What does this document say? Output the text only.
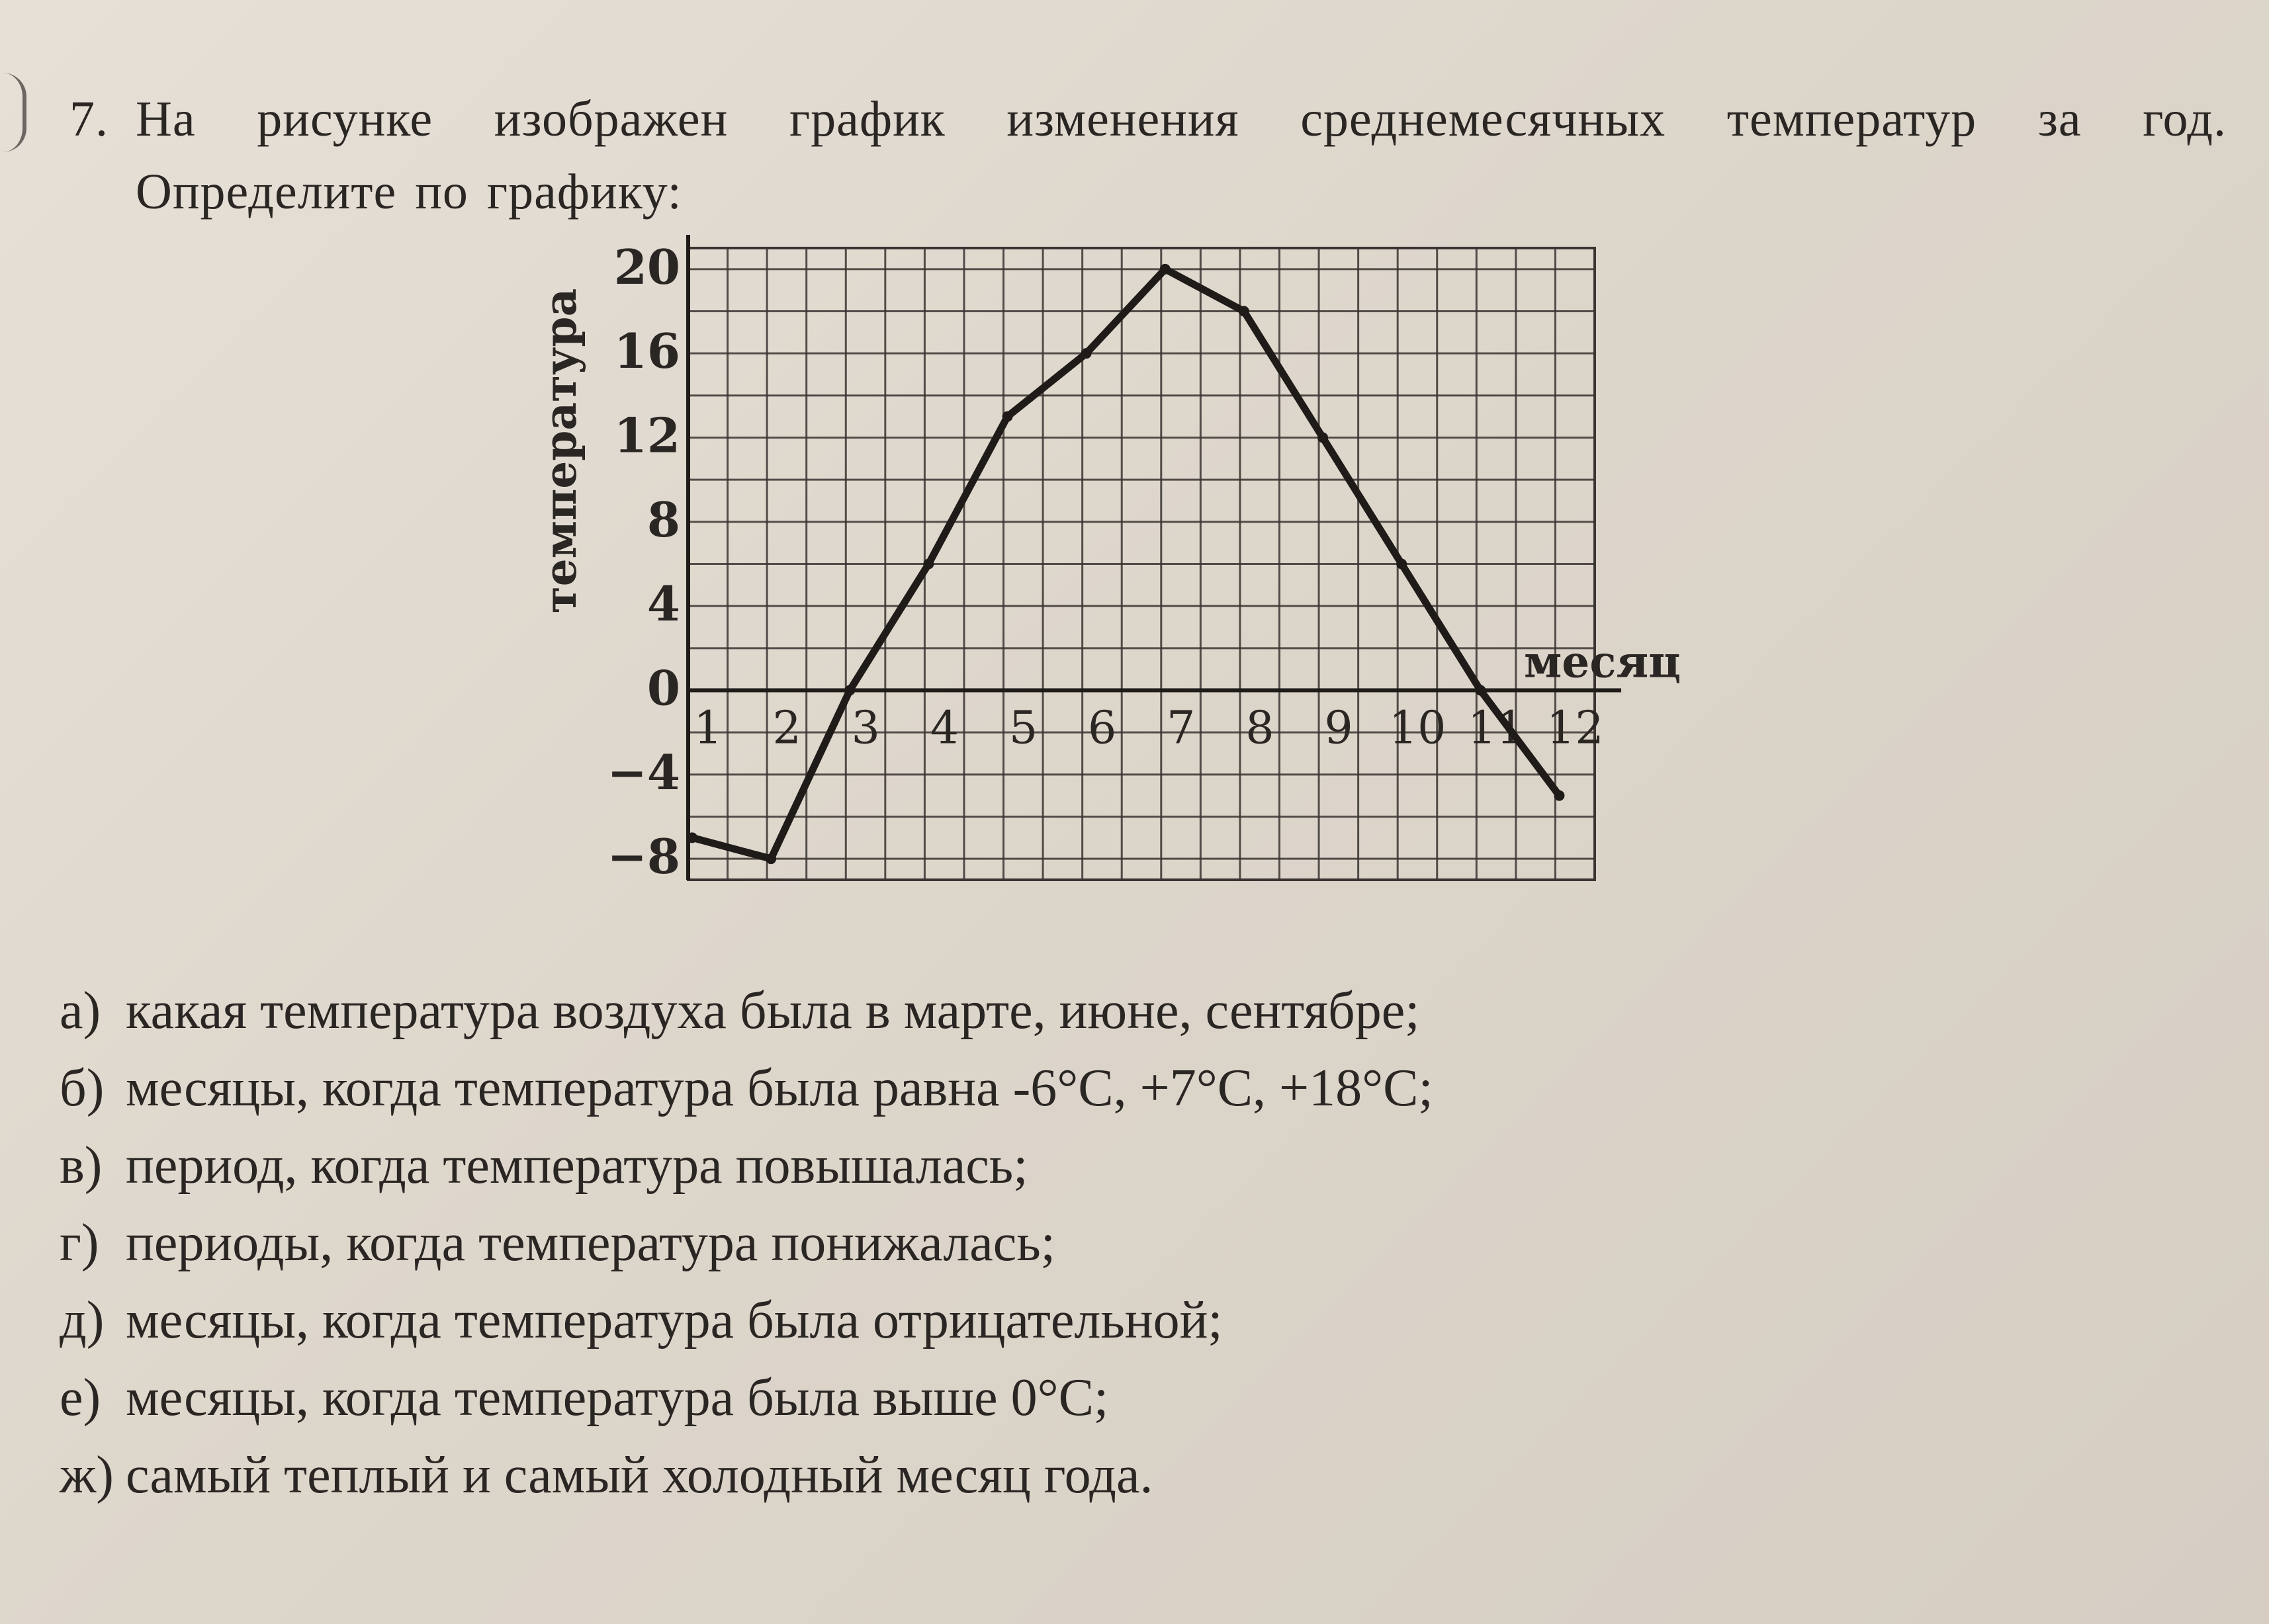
7. На рисунке изображен график изменения среднемесячных температур за год.
Определите по графику:
20
16
12
8
4
0
−4
−8
1 2 3 4 5 6 7 8 9 10 11 12
температура
месяц
а) какая температура воздуха была в марте, июне, сентябре;
б) месяцы, когда температура была равна -6°С, +7°С, +18°С;
в) период, когда температура повышалась;
г) периоды, когда температура понижалась;
д) месяцы, когда температура была отрицательной;
е) месяцы, когда температура была выше 0°С;
ж) самый теплый и самый холодный месяц года.
